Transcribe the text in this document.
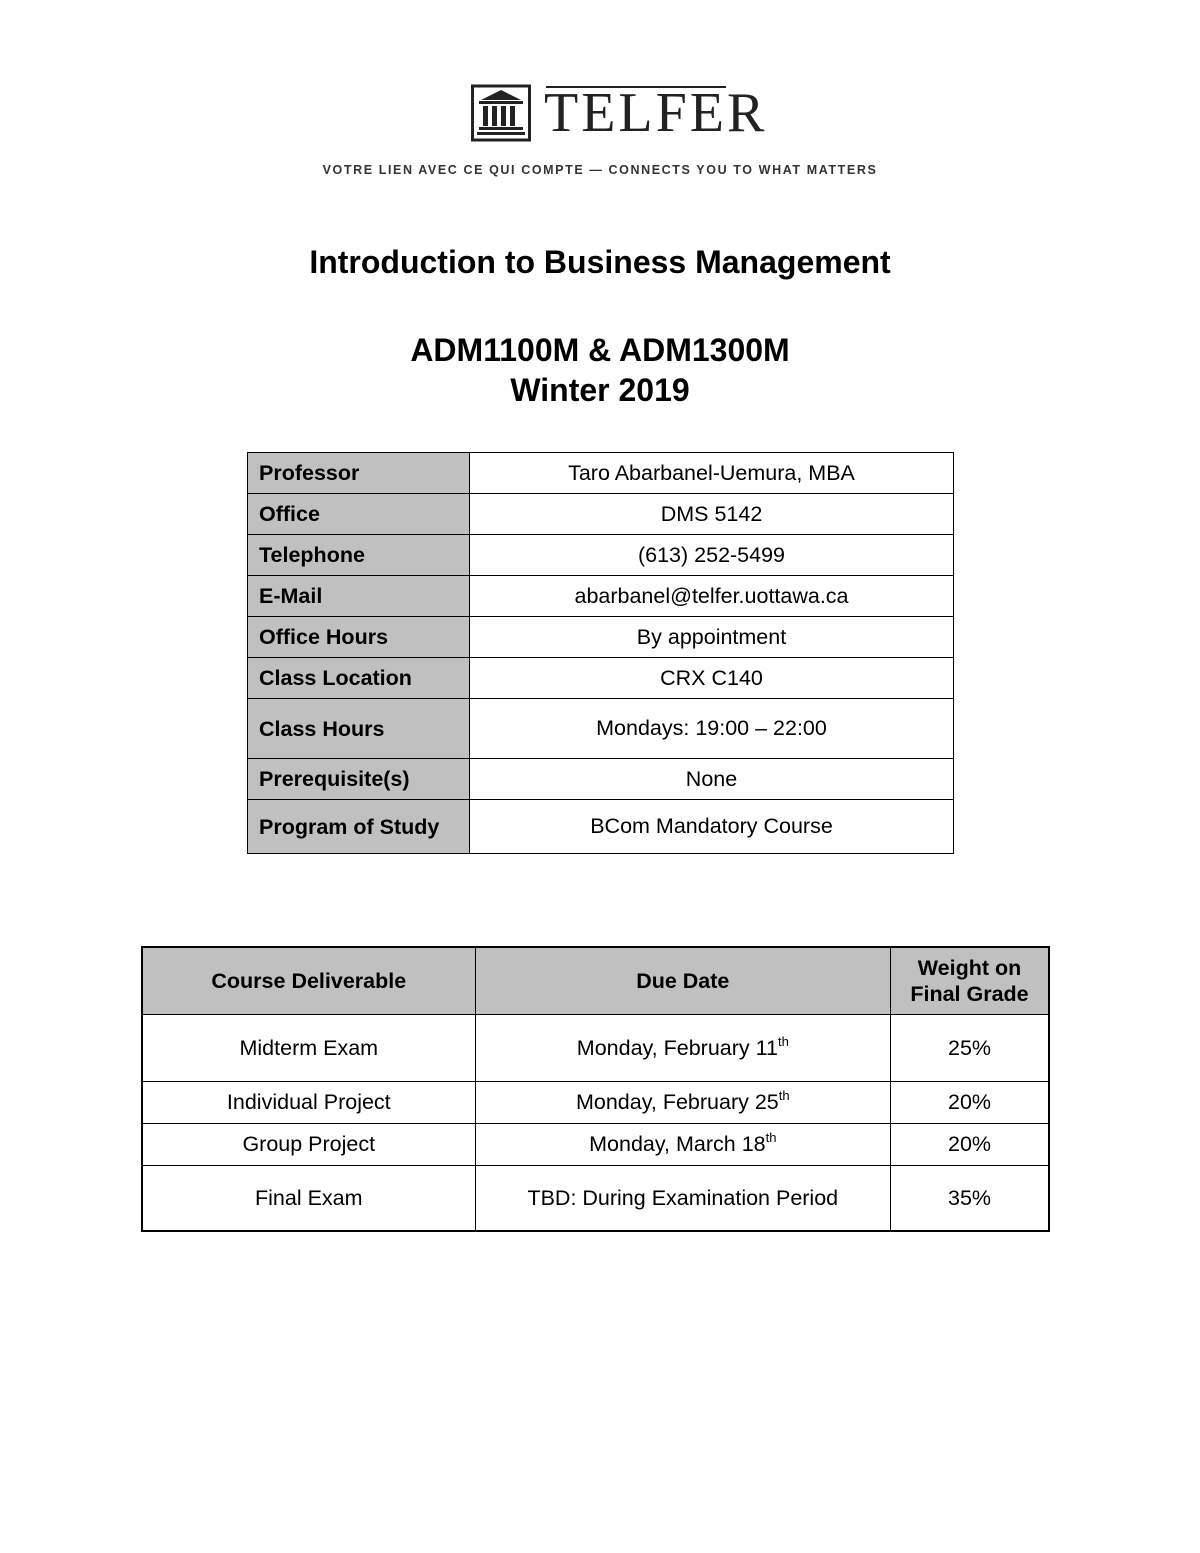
TELFER
VOTRE LIEN AVEC CE QUI COMPTE — CONNECTS YOU TO WHAT MATTERS
Introduction to Business Management
ADM1100M & ADM1300M
Winter 2019
Professor	Taro Abarbanel-Uemura, MBA
Office	DMS 5142
Telephone	(613) 252-5499
E-Mail	abarbanel@telfer.uottawa.ca
Office Hours	By appointment
Class Location	CRX C140
Class Hours	Mondays: 19:00 – 22:00
Prerequisite(s)	None
Program of Study	BCom Mandatory Course
Course Deliverable	Due Date	Weight on Final Grade
Midterm Exam	Monday, February 11th	25%
Individual Project	Monday, February 25th	20%
Group Project	Monday, March 18th	20%
Final Exam	TBD: During Examination Period	35%
